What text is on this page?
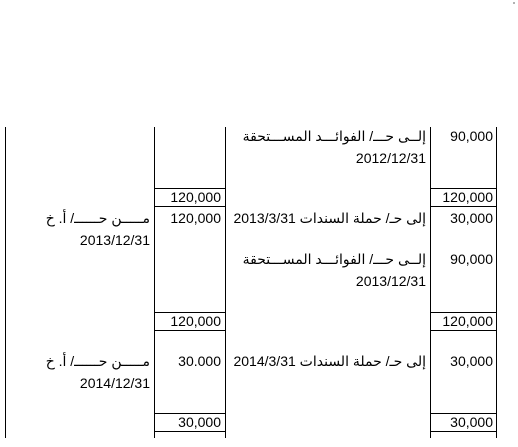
90,000
إلــى حـــ/ الفوائـــد المســـتحقة
2012/12/31
120,000
30,000
إلى حـ/ حملة السندات 2013/3/31
90,000
إلــى حـــ/ الفوائـــد المســـتحقة
2013/12/31
120,000
30,000
إلى حـ/ حملة السندات 2014/3/31
30,000
120,000
120,000
مـــــن حــــــ/ أ. خ
2013/12/31
120,000
30.000
مـــــن حــــــ/ أ. خ
2014/12/31
30,000
